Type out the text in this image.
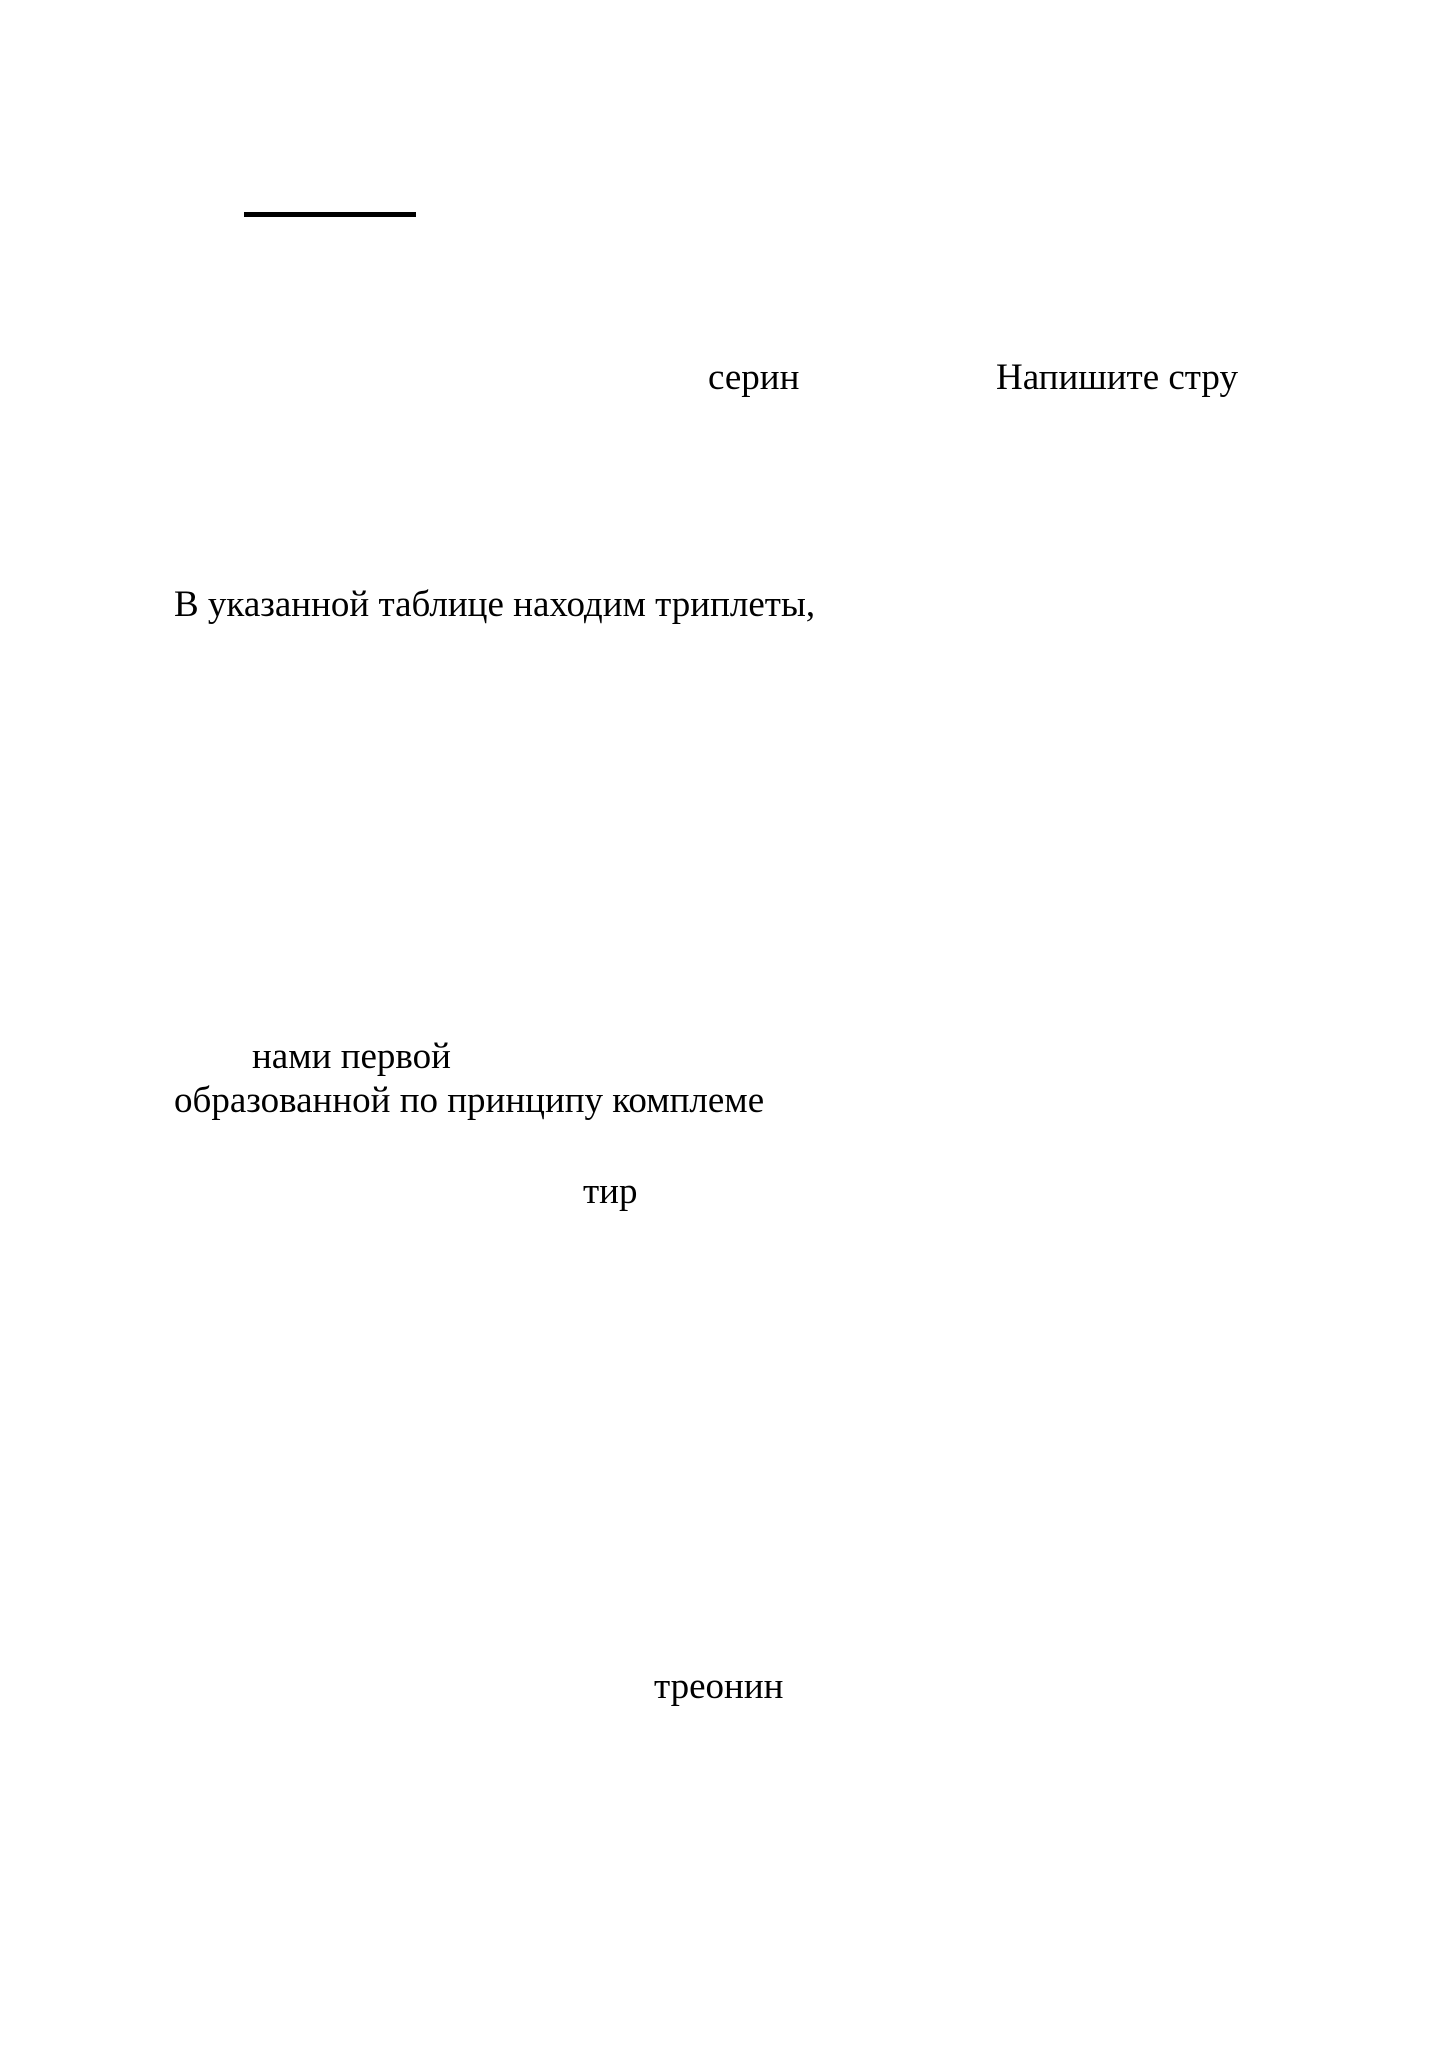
серин	Напишите стру
В указанной таблице находим триплеты,
нами первой
образованной по принципу комплеме
тир
треонин
